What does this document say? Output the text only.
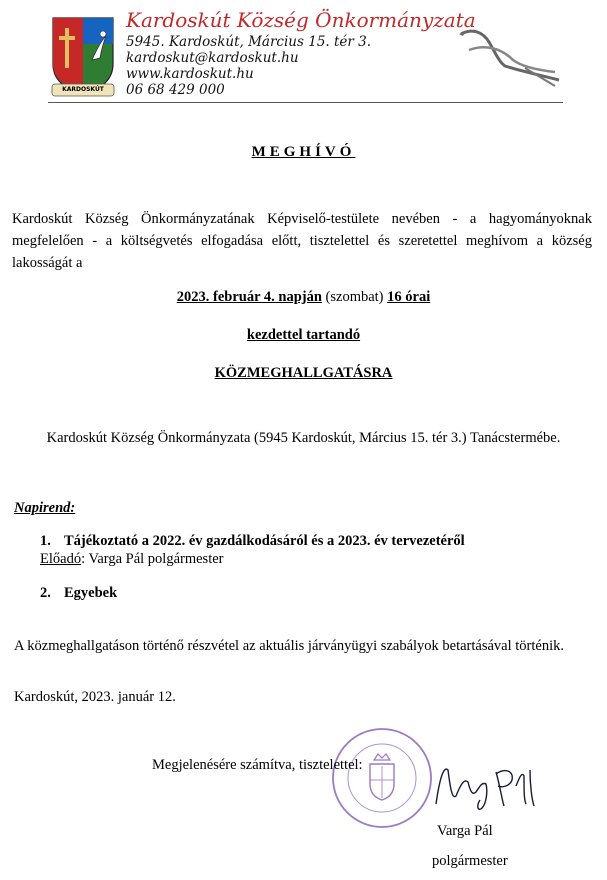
KARDOSKÚT
Kardoskút Község Önkormányzata
5945. Kardoskút, Március 15. tér 3.
kardoskut@kardoskut.hu
www.kardoskut.hu
06 68 429 000
MEGHÍVÓ
Kardoskút Község Önkormányzatának Képviselő-testülete nevében - a hagyományoknak megfelelően - a költségvetés elfogadása előtt, tisztelettel és szeretettel meghívom a község lakosságát a
2023. február 4. napján (szombat) 16 órai
kezdettel tartandó
KÖZMEGHALLGATÁSRA
Kardoskút Község Önkormányzata (5945 Kardoskút, Március 15. tér 3.) Tanácstermébe.
Napirend:
1. Tájékoztató a 2022. év gazdálkodásáról és a 2023. év tervezetéről
Előadó: Varga Pál polgármester
2. Egyebek
A közmeghallgatáson történő részvétel az aktuális járványügyi szabályok betartásával történik.
Kardoskút, 2023. január 12.
Megjelenésére számítva, tisztelettel:
Varga Pál
polgármester
